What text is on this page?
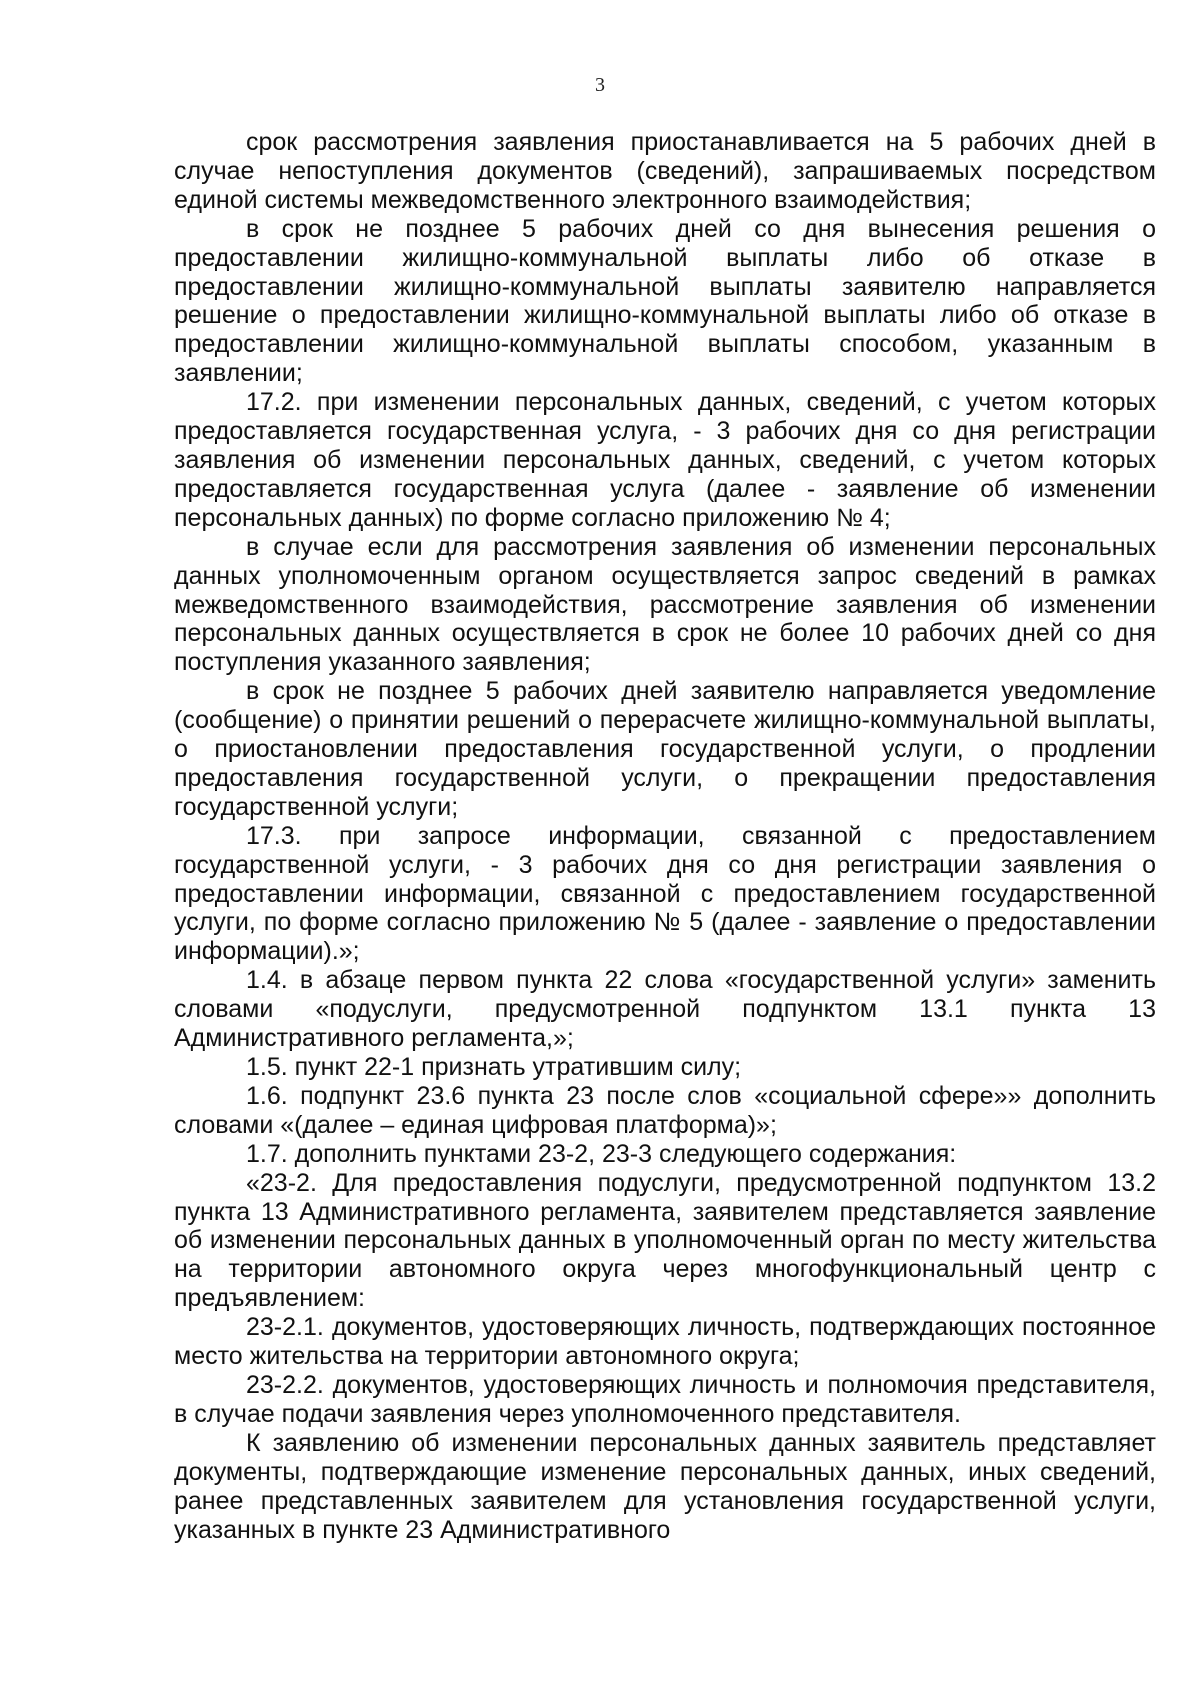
3

срок рассмотрения заявления приостанавливается на 5 рабочих дней в случае непоступления документов (сведений), запрашиваемых посредством единой системы межведомственного электронного взаимодействия;

в срок не позднее 5 рабочих дней со дня вынесения решения о предоставлении жилищно-коммунальной выплаты либо об отказе в предоставлении жилищно-коммунальной выплаты заявителю направляется решение о предоставлении жилищно-коммунальной выплаты либо об отказе в предоставлении жилищно-коммунальной выплаты способом, указанным в заявлении;

17.2. при изменении персональных данных, сведений, с учетом которых предоставляется государственная услуга, - 3 рабочих дня со дня регистрации заявления об изменении персональных данных, сведений, с учетом которых предоставляется государственная услуга (далее - заявление об изменении персональных данных) по форме согласно приложению № 4;

в случае если для рассмотрения заявления об изменении персональных данных уполномоченным органом осуществляется запрос сведений в рамках межведомственного взаимодействия, рассмотрение заявления об изменении персональных данных осуществляется в срок не более 10 рабочих дней со дня поступления указанного заявления;

в срок не позднее 5 рабочих дней заявителю направляется уведомление (сообщение) о принятии решений о перерасчете жилищно-коммунальной выплаты, о приостановлении предоставления государственной услуги, о продлении предоставления государственной услуги, о прекращении предоставления государственной услуги;

17.3. при запросе информации, связанной с предоставлением государственной услуги, - 3 рабочих дня со дня регистрации заявления о предоставлении информации, связанной с предоставлением государственной услуги, по форме согласно приложению № 5 (далее - заявление о предоставлении информации).»;

1.4. в абзаце первом пункта 22 слова «государственной услуги» заменить словами «подуслуги, предусмотренной подпунктом 13.1 пункта 13 Административного регламента,»;

1.5. пункт 22-1 признать утратившим силу;

1.6. подпункт 23.6 пункта 23 после слов «социальной сфере»» дополнить словами «(далее – единая цифровая платформа)»;

1.7. дополнить пунктами 23-2, 23-3 следующего содержания:

«23-2. Для предоставления подуслуги, предусмотренной подпунктом 13.2 пункта 13 Административного регламента, заявителем представляется заявление об изменении персональных данных в уполномоченный орган по месту жительства на территории автономного округа через многофункциональный центр с предъявлением:

23-2.1. документов, удостоверяющих личность, подтверждающих постоянное место жительства на территории автономного округа;

23-2.2. документов, удостоверяющих личность и полномочия представителя, в случае подачи заявления через уполномоченного представителя.

К заявлению об изменении персональных данных заявитель представляет документы, подтверждающие изменение персональных данных, иных сведений, ранее представленных заявителем для установления государственной услуги, указанных в пункте 23 Административного
